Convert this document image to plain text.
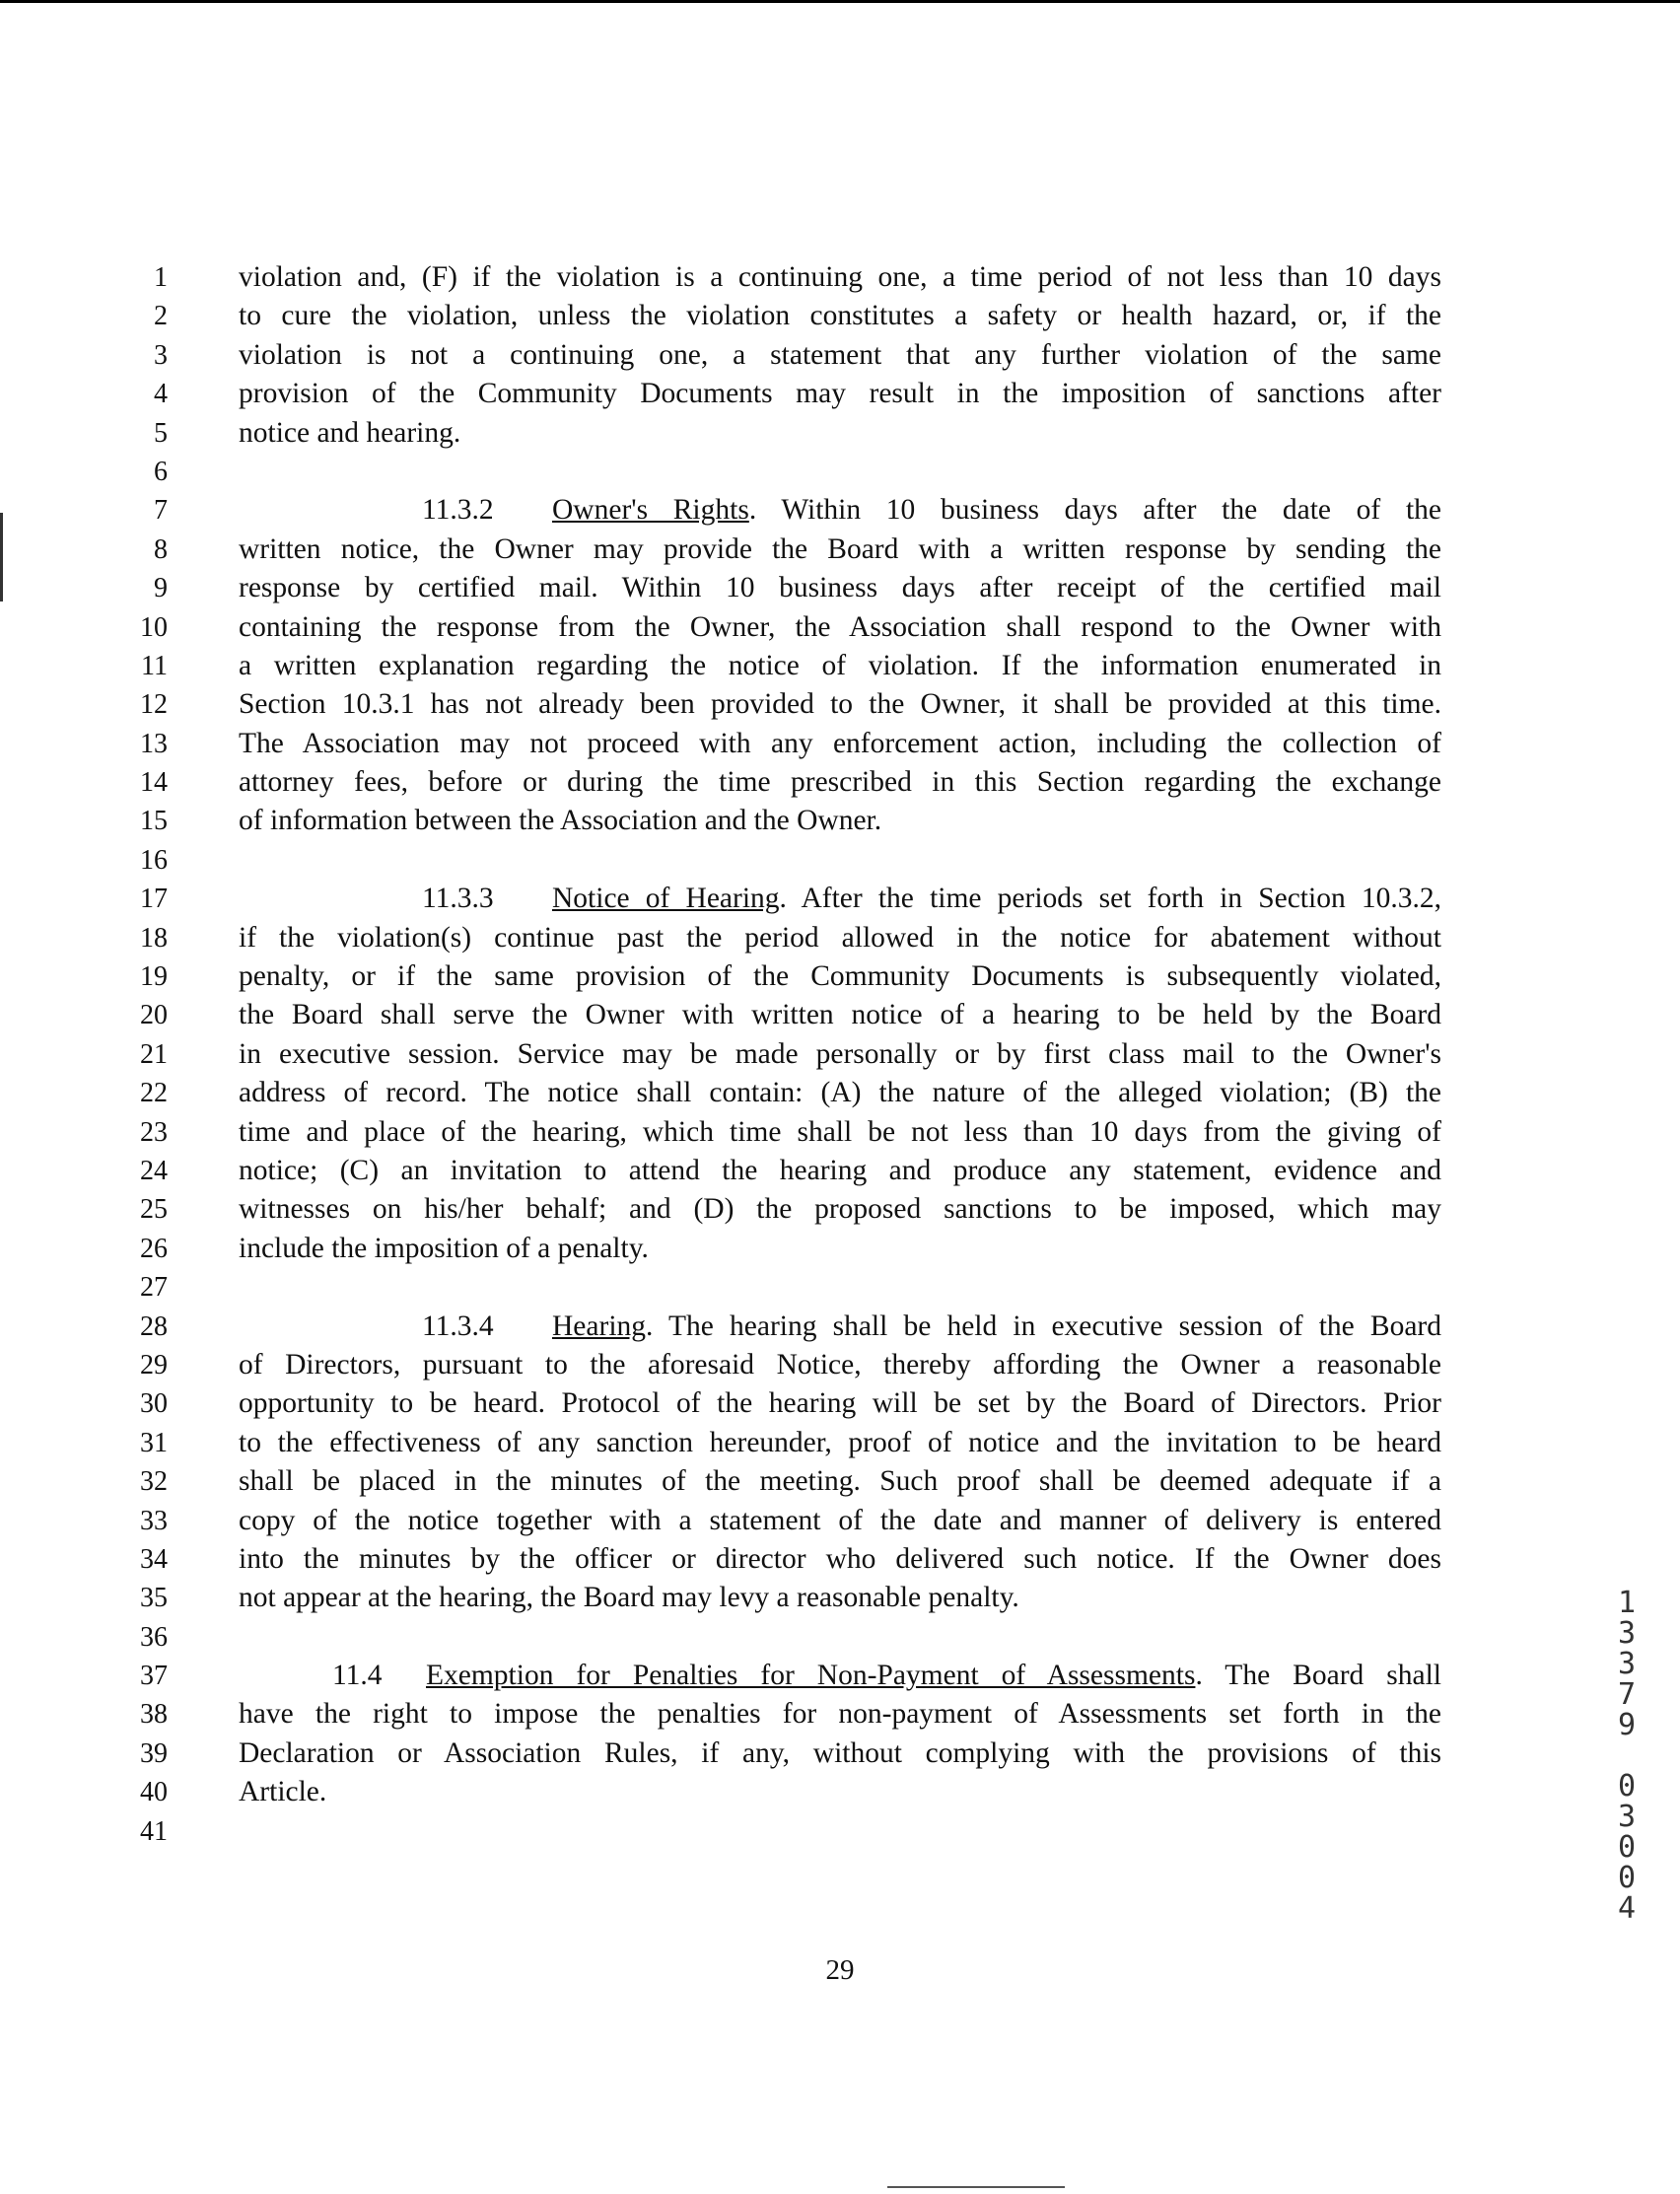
1
2
3
4
5
6
7
8
9
10
11
12
13
14
15
16
17
18
19
20
21
22
23
24
25
26
27
28
29
30
31
32
33
34
35
36
37
38
39
40
41
violation and, (F) if the violation is a continuing one, a time period of not less than 10 days
to cure the violation, unless the violation constitutes a safety or health hazard, or, if the
violation is not a continuing one, a statement that any further violation of the same
provision of the Community Documents may result in the imposition of sanctions after
notice and hearing.
11.3.2 Owner's Rights. Within 10 business days after the date of the
written notice, the Owner may provide the Board with a written response by sending the
response by certified mail. Within 10 business days after receipt of the certified mail
containing the response from the Owner, the Association shall respond to the Owner with
a written explanation regarding the notice of violation. If the information enumerated in
Section 10.3.1 has not already been provided to the Owner, it shall be provided at this time.
The Association may not proceed with any enforcement action, including the collection of
attorney fees, before or during the time prescribed in this Section regarding the exchange
of information between the Association and the Owner.
11.3.3 Notice of Hearing. After the time periods set forth in Section 10.3.2,
if the violation(s) continue past the period allowed in the notice for abatement without
penalty, or if the same provision of the Community Documents is subsequently violated,
the Board shall serve the Owner with written notice of a hearing to be held by the Board
in executive session. Service may be made personally or by first class mail to the Owner's
address of record. The notice shall contain: (A) the nature of the alleged violation; (B) the
time and place of the hearing, which time shall be not less than 10 days from the giving of
notice; (C) an invitation to attend the hearing and produce any statement, evidence and
witnesses on his/her behalf; and (D) the proposed sanctions to be imposed, which may
include the imposition of a penalty.
11.3.4 Hearing. The hearing shall be held in executive session of the Board
of Directors, pursuant to the aforesaid Notice, thereby affording the Owner a reasonable
opportunity to be heard. Protocol of the hearing will be set by the Board of Directors. Prior
to the effectiveness of any sanction hereunder, proof of notice and the invitation to be heard
shall be placed in the minutes of the meeting. Such proof shall be deemed adequate if a
copy of the notice together with a statement of the date and manner of delivery is entered
into the minutes by the officer or director who delivered such notice. If the Owner does
not appear at the hearing, the Board may levy a reasonable penalty.
11.4 Exemption for Penalties for Non-Payment of Assessments. The Board shall
have the right to impose the penalties for non-payment of Assessments set forth in the
Declaration or Association Rules, if any, without complying with the provisions of this
Article.
29
1
3
3
7
9
0
3
0
0
4
